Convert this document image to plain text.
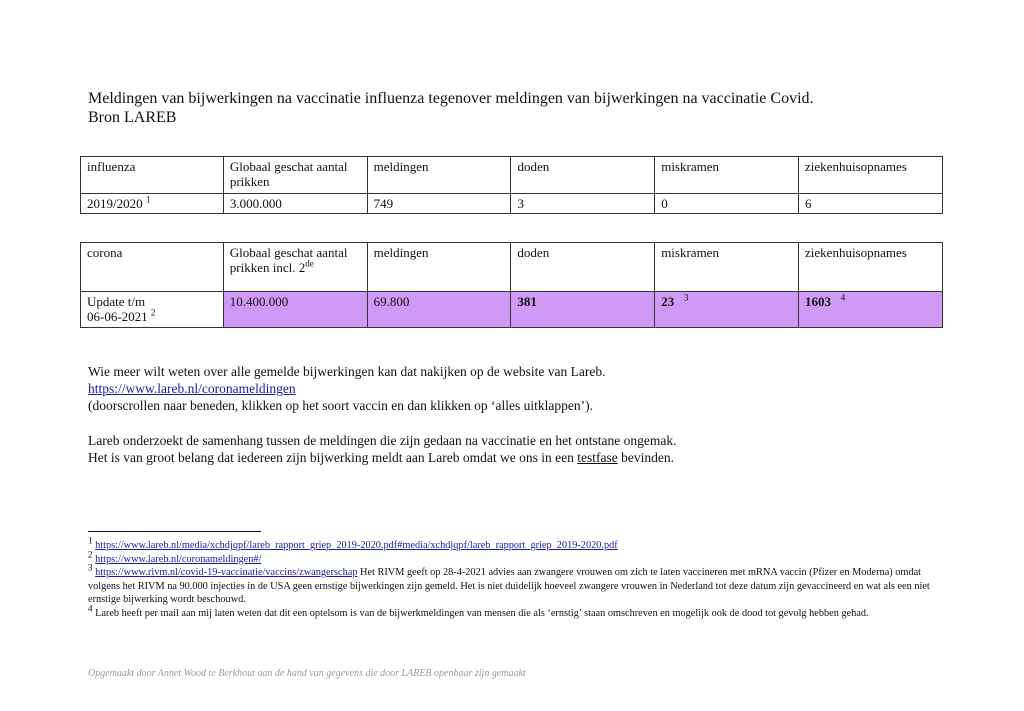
Meldingen van bijwerkingen na vaccinatie influenza tegenover meldingen van bijwerkingen na vaccinatie Covid.
Bron LAREB
influenza	Globaal geschat aantal prikken	meldingen	doden	miskramen	ziekenhuisopnames
2019/2020 $^1$	3.000.000	749	3	0	6
corona	Globaal geschat aantal prikken incl. 2de	meldingen	doden	miskramen	ziekenhuisopnames

Update t/m
06-06-2021 $^2$	10.400.000	69.800	381	23 $^3$	1603 $^4$
Wie meer wilt weten over alle gemelde bijwerkingen kan dat nakijken op de website van Lareb.
https://www.lareb.nl/coronameldingen
(doorscrollen naar beneden, klikken op het soort vaccin en dan klikken op ‘alles uitklappen’).
Lareb onderzoekt de samenhang tussen de meldingen die zijn gedaan na vaccinatie en het ontstane ongemak.
Het is van groot belang dat iedereen zijn bijwerking meldt aan Lareb omdat we ons in een testfase bevinden.
$^1$ https://www.lareb.nl/media/xchdjqpf/lareb_rapport_griep_2019-2020.pdf#media/xchdjqpf/lareb_rapport_griep_2019-2020.pdf
$^2$ https://www.lareb.nl/coronameldingen#/
$^3$ https://www.rivm.nl/covid-19-vaccinatie/vaccins/zwangerschap Het RIVM geeft op 28-4-2021 advies aan zwangere vrouwen om zich te laten vaccineren met mRNA vaccin (Pfizer en Moderna) omdat volgens het RIVM na 90.000 injecties in de USA geen ernstige bijwerkingen zijn gemeld. Het is niet duidelijk hoeveel zwangere vrouwen in Nederland tot deze datum zijn gevaccineerd en wat als een niet ernstige bijwerking wordt beschouwd.
$^4$ Lareb heeft per mail aan mij laten weten dat dit een optelsom is van de bijwerkmeldingen van mensen die als ‘ernstig’ staan omschreven en mogelijk ook de dood tot gevolg hebben gehad.
Opgemaakt door Annet Wood te Berkhout aan de hand van gegevens die door LAREB openbaar zijn gemaakt
